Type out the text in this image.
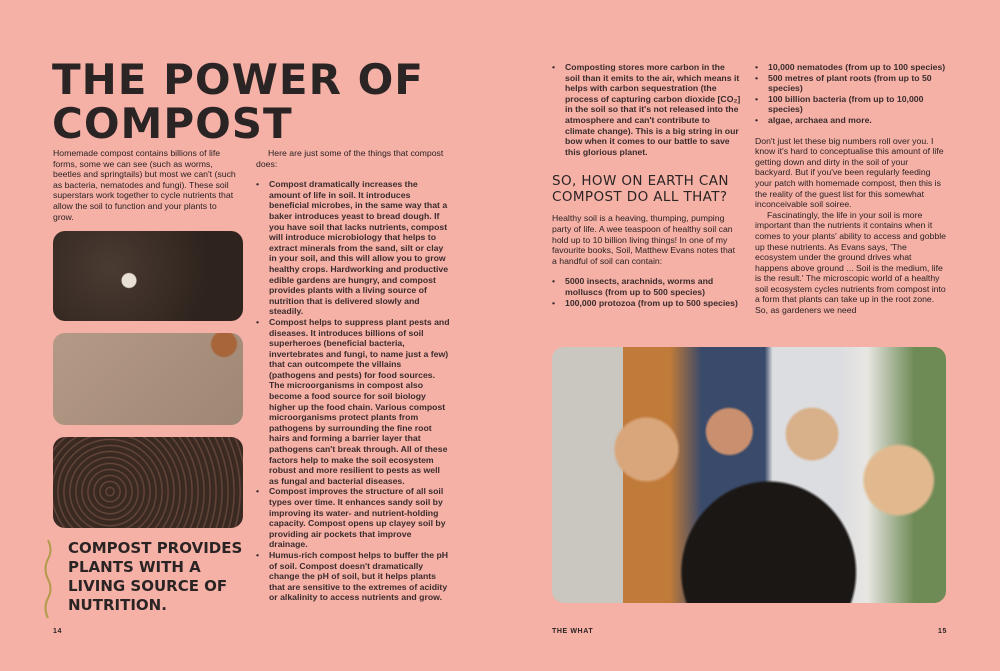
THE POWER OF
COMPOST
Homemade compost contains billions of life forms, some we can see (such as worms, beetles and springtails) but most we can't (such as bacteria, nematodes and fungi). These soil superstars work together to cycle nutrients that allow the soil to function and your plants to grow.
COMPOST PROVIDES PLANTS WITH A LIVING SOURCE OF NUTRITION.

Here are just some of the things that compost does:

• Compost dramatically increases the amount of life in soil. It introduces beneficial microbes, in the same way that a baker introduces yeast to bread dough. If you have soil that lacks nutrients, compost will introduce microbiology that helps to extract minerals from the sand, silt or clay in your soil, and this will allow you to grow healthy crops. Hardworking and productive edible gardens are hungry, and compost provides plants with a living source of nutrition that is delivered slowly and steadily.
• Compost helps to suppress plant pests and diseases. It introduces billions of soil superheroes (beneficial bacteria, invertebrates and fungi, to name just a few) that can outcompete the villains (pathogens and pests) for food sources. The microorganisms in compost also become a food source for soil biology higher up the food chain. Various compost microorganisms protect plants from pathogens by surrounding the fine root hairs and forming a barrier layer that pathogens can't break through. All of these factors help to make the soil ecosystem robust and more resilient to pests as well as fungal and bacterial diseases.
• Compost improves the structure of all soil types over time. It enhances sandy soil by improving its water- and nutrient-holding capacity. Compost opens up clayey soil by providing air pockets that improve drainage.
• Humus-rich compost helps to buffer the pH of soil. Compost doesn't dramatically change the pH of soil, but it helps plants that are sensitive to the extremes of acidity or alkalinity to access nutrients and grow.
14
• Composting stores more carbon in the soil than it emits to the air, which means it helps with carbon sequestration (the process of capturing carbon dioxide [CO₂] in the soil so that it's not released into the atmosphere and can't contribute to climate change). This is a big string in our bow when it comes to our battle to save this glorious planet.
SO, HOW ON EARTH CAN COMPOST DO ALL THAT?

Healthy soil is a heaving, thumping, pumping party of life. A wee teaspoon of healthy soil can hold up to 10 billion living things! In one of my favourite books, Soil, Matthew Evans notes that a handful of soil can contain:

• 5000 insects, arachnids, worms and molluscs (from up to 500 species)
• 100,000 protozoa (from up to 500 species)
• 10,000 nematodes (from up to 100 species)
• 500 metres of plant roots (from up to 50 species)
• 100 billion bacteria (from up to 10,000 species)
• algae, archaea and more.

Don't just let these big numbers roll over you. I know it's hard to conceptualise this amount of life getting down and dirty in the soil of your backyard. But if you've been regularly feeding your patch with homemade compost, then this is the reality of the guest list for this somewhat inconceivable soil soiree.

Fascinatingly, the life in your soil is more important than the nutrients it contains when it comes to your plants' ability to access and gobble up these nutrients. As Evans says, 'The ecosystem under the ground drives what happens above ground ... Soil is the medium, life is the result.' The microscopic world of a healthy soil ecosystem cycles nutrients from compost into a form that plants can take up in the root zone. So, as gardeners we need

THE WHAT	15
